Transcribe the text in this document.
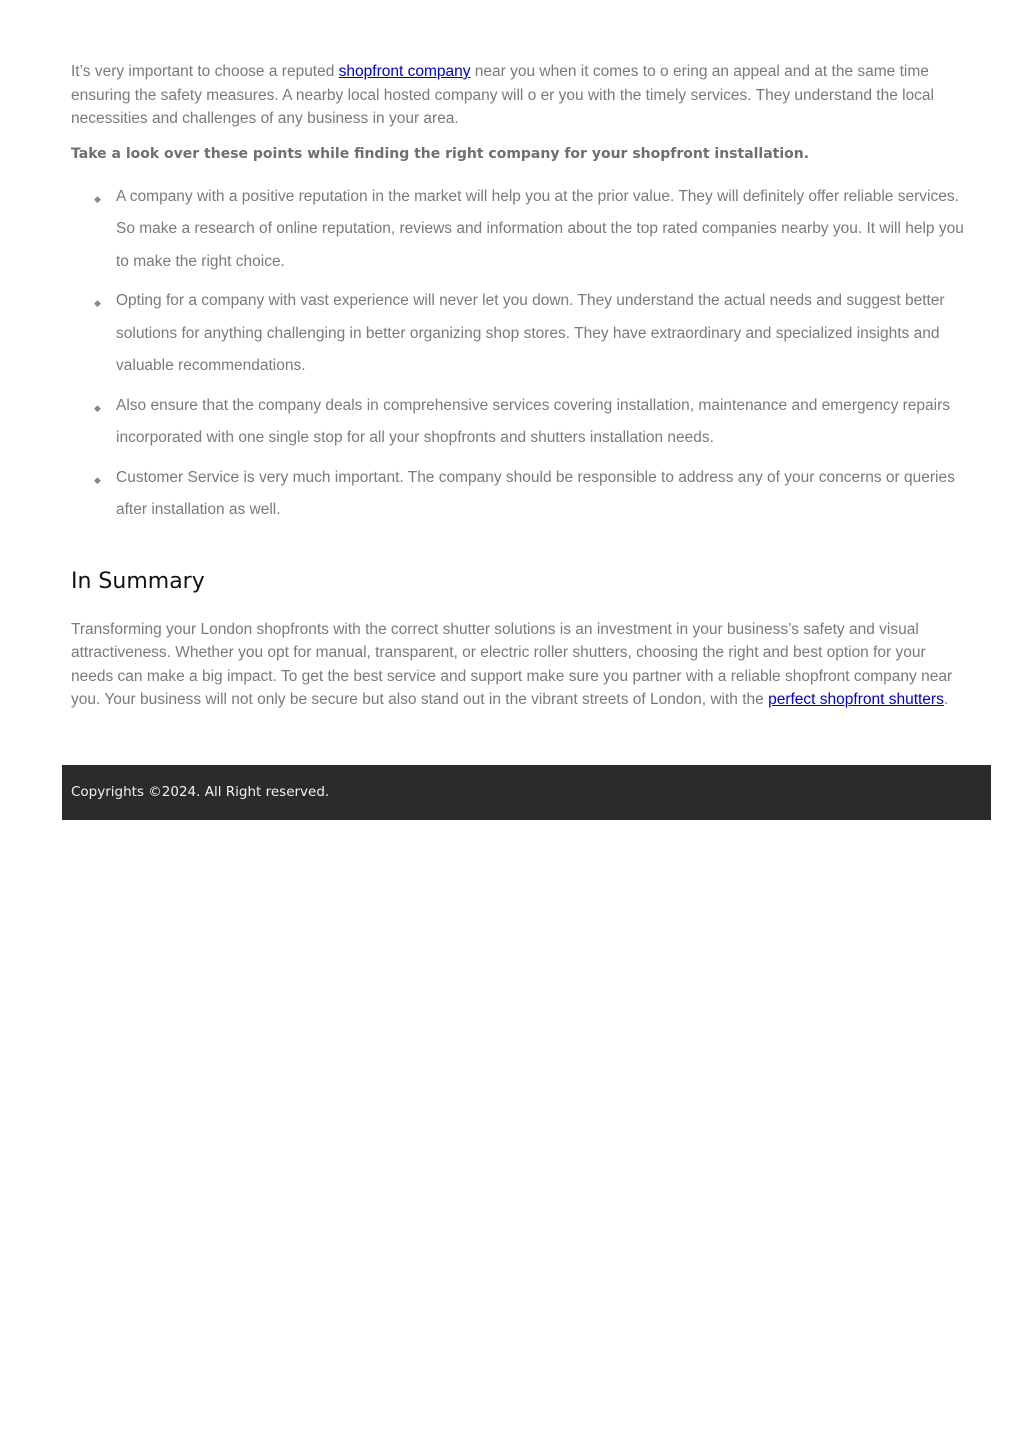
It’s very important to choose a reputed shopfront company near you when it comes to o ering an appeal and at the same time ensuring the safety measures. A nearby local hosted company will o er you with the timely services. They understand the local necessities and challenges of any business in your area.

Take a look over these points while finding the right company for your shopfront installation.

◆ A company with a positive reputation in the market will help you at the prior value. They will definitely offer reliable services. So make a research of online reputation, reviews and information about the top rated companies nearby you. It will help you to make the right choice.
◆ Opting for a company with vast experience will never let you down. They understand the actual needs and suggest better solutions for anything challenging in better organizing shop stores. They have extraordinary and specialized insights and valuable recommendations.
◆ Also ensure that the company deals in comprehensive services covering installation, maintenance and emergency repairs incorporated with one single stop for all your shopfronts and shutters installation needs.
◆ Customer Service is very much important. The company should be responsible to address any of your concerns or queries after installation as well.
In Summary

Transforming your London shopfronts with the correct shutter solutions is an investment in your business’s safety and visual attractiveness. Whether you opt for manual, transparent, or electric roller shutters, choosing the right and best option for your needs can make a big impact. To get the best service and support make sure you partner with a reliable shopfront company near you. Your business will not only be secure but also stand out in the vibrant streets of London, with the perfect shopfront shutters.

Copyrights ©2024. All Right reserved.
